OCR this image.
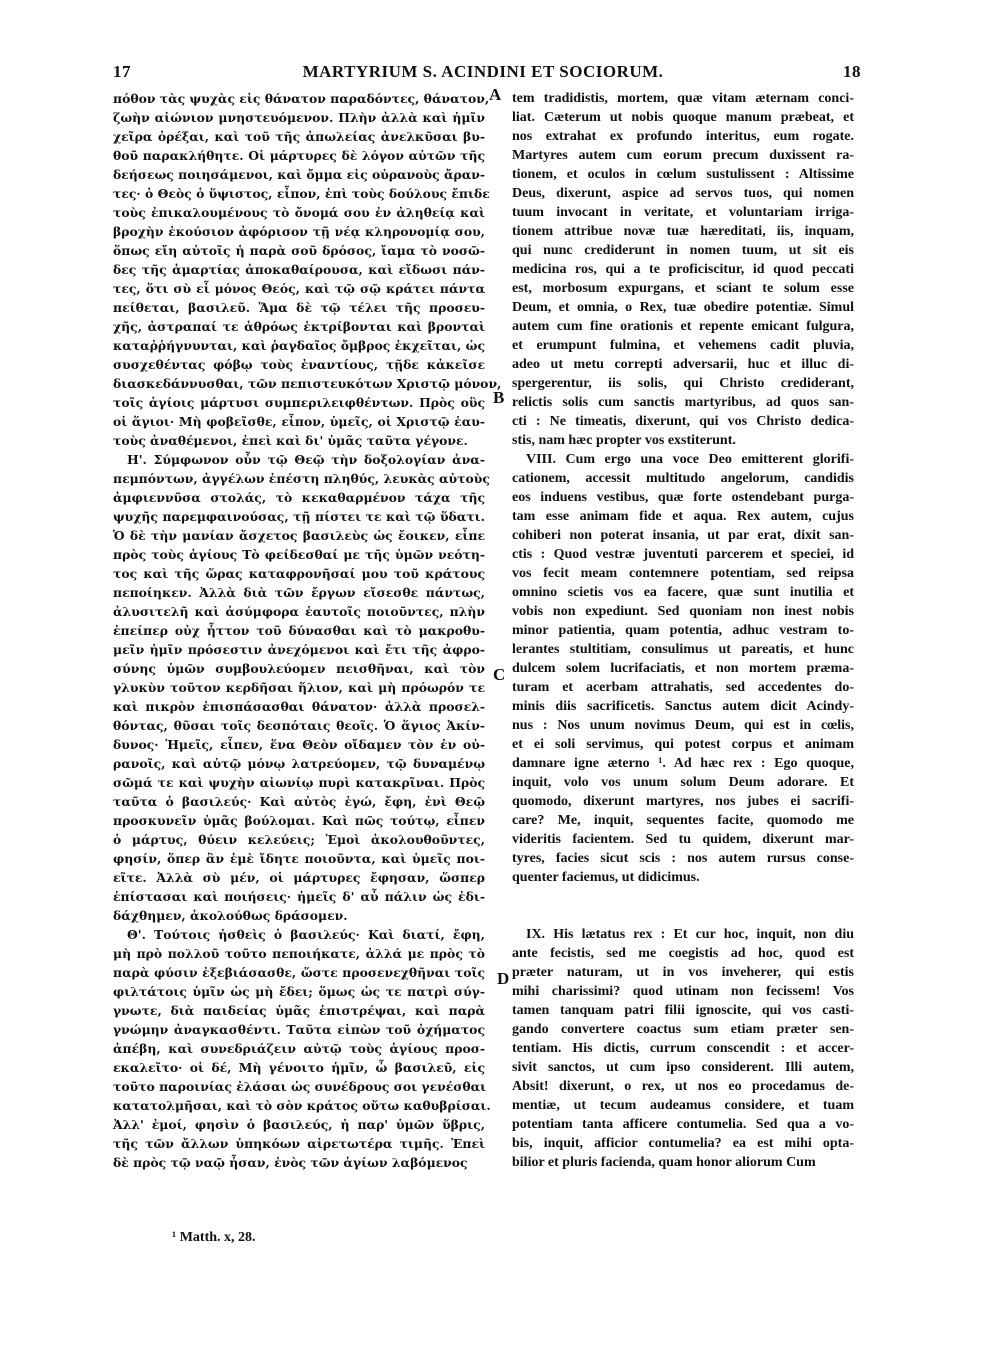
17	MARTYRIUM S. ACINDINI ET SOCIORUM.	18
πόθον τὰς ψυχὰς εἰς θάνατον παραδόντες, θάνατον,
ζωὴν αἰώνιον μνηστευόμενον. Πλὴν ἀλλὰ καὶ ἡμῖν
χεῖρα ὀρέξαι, καὶ τοῦ τῆς ἀπωλείας ἀνελκῦσαι βυ-
θοῦ παρακλήθητε. Οἱ μάρτυρες δὲ λόγον αὐτῶν τῆς
δεήσεως ποιησάμενοι, καὶ ὄμμα εἰς οὐρανοὺς ἄραν-
τες· ὁ Θεὸς ὁ ὕψιστος, εἶπον, ἐπὶ τοὺς δούλους ἔπιδε
τοὺς ἐπικαλουμένους τὸ ὄνομά σου ἐν ἀληθείᾳ καὶ
βροχὴν ἑκούσιον ἀφόρισον τῇ νέᾳ κληρονομίᾳ σου,
ὅπως εἴη αὐτοῖς ἡ παρὰ σοῦ δρόσος, ἴαμα τὸ νοσῶ-
δες τῆς ἁμαρτίας ἀποκαθαίρουσα, καὶ εἴδωσι πάν-
τες, ὅτι σὺ εἶ μόνος Θεός, καὶ τῷ σῷ κράτει πάντα
πείθεται, βασιλεῦ. Ἅμα δὲ τῷ τέλει τῆς προσευ-
χῆς, ἀστραπαί τε ἀθρόως ἐκτρίβονται καὶ βρονταὶ
καταῤῥήγνυνται, καὶ ῥαγδαῖος ὄμβρος ἐκχεῖται, ὡς
συσχεθέντας φόβῳ τοὺς ἐναντίους, τῇδε κἀκεῖσε
διασκεδάννυσθαι, τῶν πεπιστευκότων Χριστῷ μόνον,
τοῖς ἁγίοις μάρτυσι συμπεριλειφθέντων. Πρὸς οὓς
οἱ ἅγιοι· Μὴ φοβεῖσθε, εἶπον, ὑμεῖς, οἱ Χριστῷ ἑαυ-
τοὺς ἀναθέμενοι, ἐπεὶ καὶ δι' ὑμᾶς ταῦτα γέγονε.
Η'. Σύμφωνον οὖν τῷ Θεῷ τὴν δοξολογίαν ἀνα-
πεμπόντων, ἀγγέλων ἐπέστη πληθύς, λευκὰς αὐτοὺς
ἀμφιεννῦσα στολάς, τὸ κεκαθαρμένον τάχα τῆς
ψυχῆς παρεμφαινούσας, τῇ πίστει τε καὶ τῷ ὕδατι.
Ὁ δὲ τὴν μανίαν ἄσχετος βασιλεὺς ὡς ἔοικεν, εἶπε
πρὸς τοὺς ἁγίους Τὸ φείδεσθαί με τῆς ὑμῶν νεότη-
τος καὶ τῆς ὥρας καταφρονῆσαί μου τοῦ κράτους
πεποίηκεν. Ἀλλὰ διὰ τῶν ἔργων εἴσεσθε πάντως,
ἀλυσιτελῆ καὶ ἀσύμφορα ἑαυτοῖς ποιοῦντες, πλὴν
ἐπείπερ οὐχ ἧττον τοῦ δύνασθαι καὶ τὸ μακροθυ-
μεῖν ἡμῖν πρόσεστιν ἀνεχόμενοι καὶ ἔτι τῆς ἀφρο-
σύνης ὑμῶν συμβουλεύομεν πεισθῆναι, καὶ τὸν
γλυκὺν τοῦτον κερδῆσαι ἥλιον, καὶ μὴ πρόωρόν τε
καὶ πικρὸν ἐπισπάσασθαι θάνατον· ἀλλὰ προσελ-
θόντας, θῦσαι τοῖς δεσπόταις θεοῖς. Ὁ ἅγιος Ἀκίν-
δυνος· Ἡμεῖς, εἶπεν, ἕνα Θεὸν οἴδαμεν τὸν ἐν οὐ-
ρανοῖς, καὶ αὐτῷ μόνῳ λατρεύομεν, τῷ δυναμένῳ
σῶμά τε καὶ ψυχὴν αἰωνίῳ πυρὶ κατακρῖναι. Πρὸς
ταῦτα ὁ βασιλεύς· Καὶ αὐτὸς ἐγώ, ἔφη, ἑνὶ Θεῷ
προσκυνεῖν ὑμᾶς βούλομαι. Καὶ πῶς τούτῳ, εἶπεν
ὁ μάρτυς, θύειν κελεύεις; Ἐμοὶ ἀκολουθοῦντες,
φησίν, ὅπερ ἂν ἐμὲ ἴδητε ποιοῦντα, καὶ ὑμεῖς ποι-
εῖτε. Ἀλλὰ σὺ μέν, οἱ μάρτυρες ἔφησαν, ὥσπερ
ἐπίστασαι καὶ ποιήσεις· ἡμεῖς δ' αὖ πάλιν ὡς ἐδι-
δάχθημεν, ἀκολούθως δράσομεν.
Θ'. Τούτοις ἡσθεὶς ὁ βασιλεύς· Καὶ διατί, ἔφη,
μὴ πρὸ πολλοῦ τοῦτο πεποιήκατε, ἀλλά με πρὸς τὸ
παρὰ φύσιν ἐξεβιάσασθε, ὥστε προσενεχθῆναι τοῖς
φιλτάτοις ὑμῖν ὡς μὴ ἔδει; ὅμως ὡς τε πατρὶ σύγ-
γνωτε, διὰ παιδείας ὑμᾶς ἐπιστρέψαι, καὶ παρὰ
γνώμην ἀναγκασθέντι. Ταῦτα εἰπὼν τοῦ ὀχήματος
ἀπέβη, καὶ συνεδριάζειν αὐτῷ τοὺς ἁγίους προσ-
εκαλεῖτο· οἱ δέ, Μὴ γένοιτο ἡμῖν, ὦ βασιλεῦ, εἰς
τοῦτο παροινίας ἐλάσαι ὡς συνέδρους σοι γενέσθαι
κατατολμῆσαι, καὶ τὸ σὸν κράτος οὕτω καθυβρίσαι.
Ἀλλ' ἐμοί, φησὶν ὁ βασιλεύς, ἡ παρ' ὑμῶν ὕβρις,
τῆς τῶν ἄλλων ὑπηκόων αἱρετωτέρα τιμῆς. Ἐπεὶ
δὲ πρὸς τῷ ναῷ ἦσαν, ἑνὸς τῶν ἁγίων λαβόμενος
tem tradidistis, mortem, quæ vitam æternam conci-
liat. Cæterum ut nobis quoque manum præbeat, et
nos extrahat ex profundo interitus, eum rogate.
Martyres autem cum eorum precum duxissent ra-
tionem, et oculos in cœlum sustulissent : Altissime
Deus, dixerunt, aspice ad servos tuos, qui nomen
tuum invocant in veritate, et voluntariam irriga-
tionem attribue novæ tuæ hæreditati, iis, inquam,
qui nunc crediderunt in nomen tuum, ut sit eis
medicina ros, qui a te proficiscitur, id quod peccati
est, morbosum expurgans, et sciant te solum esse
Deum, et omnia, o Rex, tuæ obedire potentiæ. Simul
autem cum fine orationis et repente emicant fulgura,
et erumpunt fulmina, et vehemens cadit pluvia,
adeo ut metu correpti adversarii, huc et illuc di-
spergerentur, iis solis, qui Christo crediderant,
relictis solis cum sanctis martyribus, ad quos san-
cti : Ne timeatis, dixerunt, qui vos Christo dedica-
stis, nam hæc propter vos exstiterunt.
VIII. Cum ergo una voce Deo emitterent glorifi-
cationem, accessit multitudo angelorum, candidis
eos induens vestibus, quæ forte ostendebant purga-
tam esse animam fide et aqua. Rex autem, cujus
cohiberi non poterat insania, ut par erat, dixit san-
ctis : Quod vestræ juventuti parcerem et speciei, id
vos fecit meam contemnere potentiam, sed reipsa
omnino scietis vos ea facere, quæ sunt inutilia et
vobis non expediunt. Sed quoniam non inest nobis
minor patientia, quam potentia, adhuc vestram to-
lerantes stultitiam, consulimus ut pareatis, et hunc
dulcem solem lucrifaciatis, et non mortem præma-
turam et acerbam attrahatis, sed accedentes do-
minis diis sacrificetis. Sanctus autem dicit Acindy-
nus : Nos unum novimus Deum, qui est in cœlis,
et ei soli servimus, qui potest corpus et animam
damnare igne æterno ¹. Ad hæc rex : Ego quoque,
inquit, volo vos unum solum Deum adorare. Et
quomodo, dixerunt martyres, nos jubes ei sacrifi-
care? Me, inquit, sequentes facite, quomodo me
videritis facientem. Sed tu quidem, dixerunt mar-
tyres, facies sicut scis : nos autem rursus conse-
quenter faciemus, ut didicimus.
IX. His lætatus rex : Et cur hoc, inquit, non diu
ante fecistis, sed me coegistis ad hoc, quod est
præter naturam, ut in vos inveherer, qui estis
mihi charissimi? quod utinam non fecissem! Vos
tamen tanquam patri filii ignoscite, qui vos casti-
gando convertere coactus sum etiam præter sen-
tentiam. His dictis, currum conscendit : et accer-
sivit sanctos, ut cum ipso considerent. Illi autem,
Absit! dixerunt, o rex, ut nos eo procedamus de-
mentiæ, ut tecum audeamus considere, et tuam
potentiam tanta afficere contumelia. Sed qua a vo-
bis, inquit, afficior contumelia? ea est mihi opta-
bilior et pluris facienda, quam honor aliorum Cum
A
B
C
D
¹ Matth. x, 28.
